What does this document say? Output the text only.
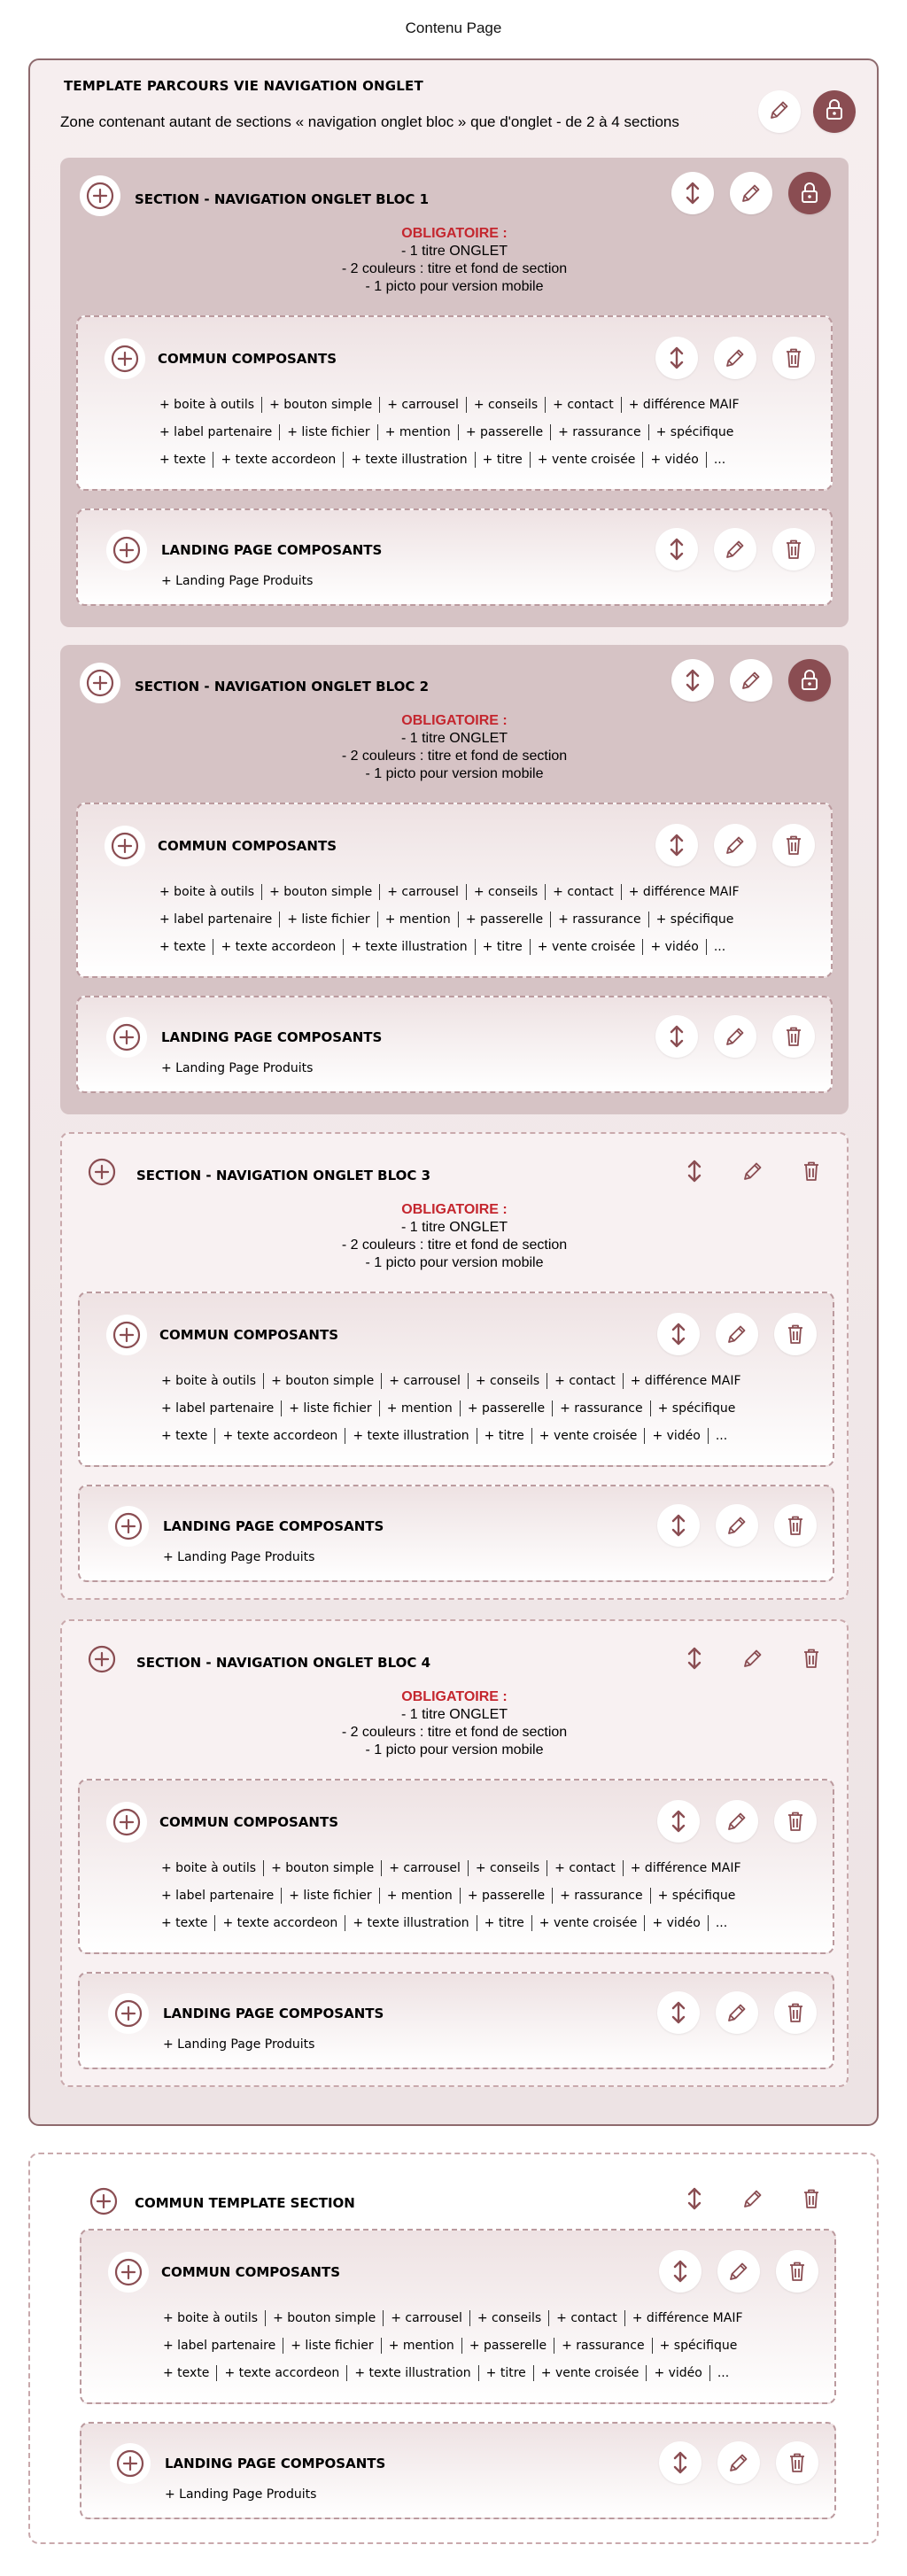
Contenu Page
TEMPLATE PARCOURS VIE NAVIGATION ONGLET
Zone contenant autant de sections « navigation onglet bloc » que d'onglet - de 2 à 4 sections
SECTION - NAVIGATION ONGLET BLOC 1
OBLIGATOIRE :
- 1 titre ONGLET
- 2 couleurs : titre et fond de section
- 1 picto pour version mobile
COMMUN COMPOSANTS
+ boite à outils + bouton simple + carrousel + conseils + contact + différence MAIF
+ label partenaire + liste fichier + mention + passerelle + rassurance + spécifique
+ texte + texte accordeon + texte illustration + titre + vente croisée + vidéo ...
LANDING PAGE COMPOSANTS
+ Landing Page Produits
SECTION - NAVIGATION ONGLET BLOC 2
OBLIGATOIRE :
- 1 titre ONGLET
- 2 couleurs : titre et fond de section
- 1 picto pour version mobile
COMMUN COMPOSANTS
+ boite à outils + bouton simple + carrousel + conseils + contact + différence MAIF
+ label partenaire + liste fichier + mention + passerelle + rassurance + spécifique
+ texte + texte accordeon + texte illustration + titre + vente croisée + vidéo ...
LANDING PAGE COMPOSANTS
+ Landing Page Produits
SECTION - NAVIGATION ONGLET BLOC 3
OBLIGATOIRE :
- 1 titre ONGLET
- 2 couleurs : titre et fond de section
- 1 picto pour version mobile
COMMUN COMPOSANTS
+ boite à outils + bouton simple + carrousel + conseils + contact + différence MAIF
+ label partenaire + liste fichier + mention + passerelle + rassurance + spécifique
+ texte + texte accordeon + texte illustration + titre + vente croisée + vidéo ...
LANDING PAGE COMPOSANTS
+ Landing Page Produits
SECTION - NAVIGATION ONGLET BLOC 4
OBLIGATOIRE :
- 1 titre ONGLET
- 2 couleurs : titre et fond de section
- 1 picto pour version mobile
COMMUN COMPOSANTS
+ boite à outils + bouton simple + carrousel + conseils + contact + différence MAIF
+ label partenaire + liste fichier + mention + passerelle + rassurance + spécifique
+ texte + texte accordeon + texte illustration + titre + vente croisée + vidéo ...
LANDING PAGE COMPOSANTS
+ Landing Page Produits
COMMUN TEMPLATE SECTION
COMMUN COMPOSANTS
+ boite à outils + bouton simple + carrousel + conseils + contact + différence MAIF
+ label partenaire + liste fichier + mention + passerelle + rassurance + spécifique
+ texte + texte accordeon + texte illustration + titre + vente croisée + vidéo ...
LANDING PAGE COMPOSANTS
+ Landing Page Produits
